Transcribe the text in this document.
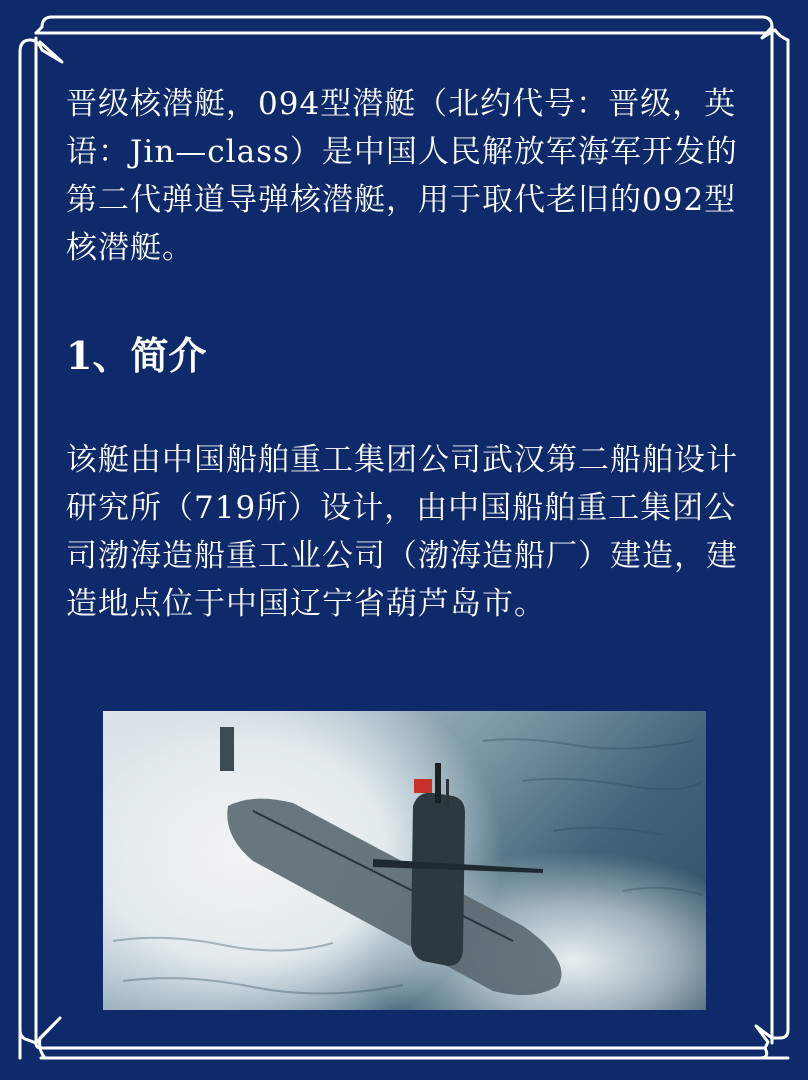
晋级核潜艇，094型潜艇（北约代号：晋级，英语：Jin—class）是中国人民解放军海军开发的第二代弹道导弹核潜艇，用于取代老旧的092型核潜艇。

1、简介

该艇由中国船舶重工集团公司武汉第二船舶设计研究所（719所）设计，由中国船舶重工集团公司渤海造船重工业公司（渤海造船厂）建造，建造地点位于中国辽宁省葫芦岛市。
